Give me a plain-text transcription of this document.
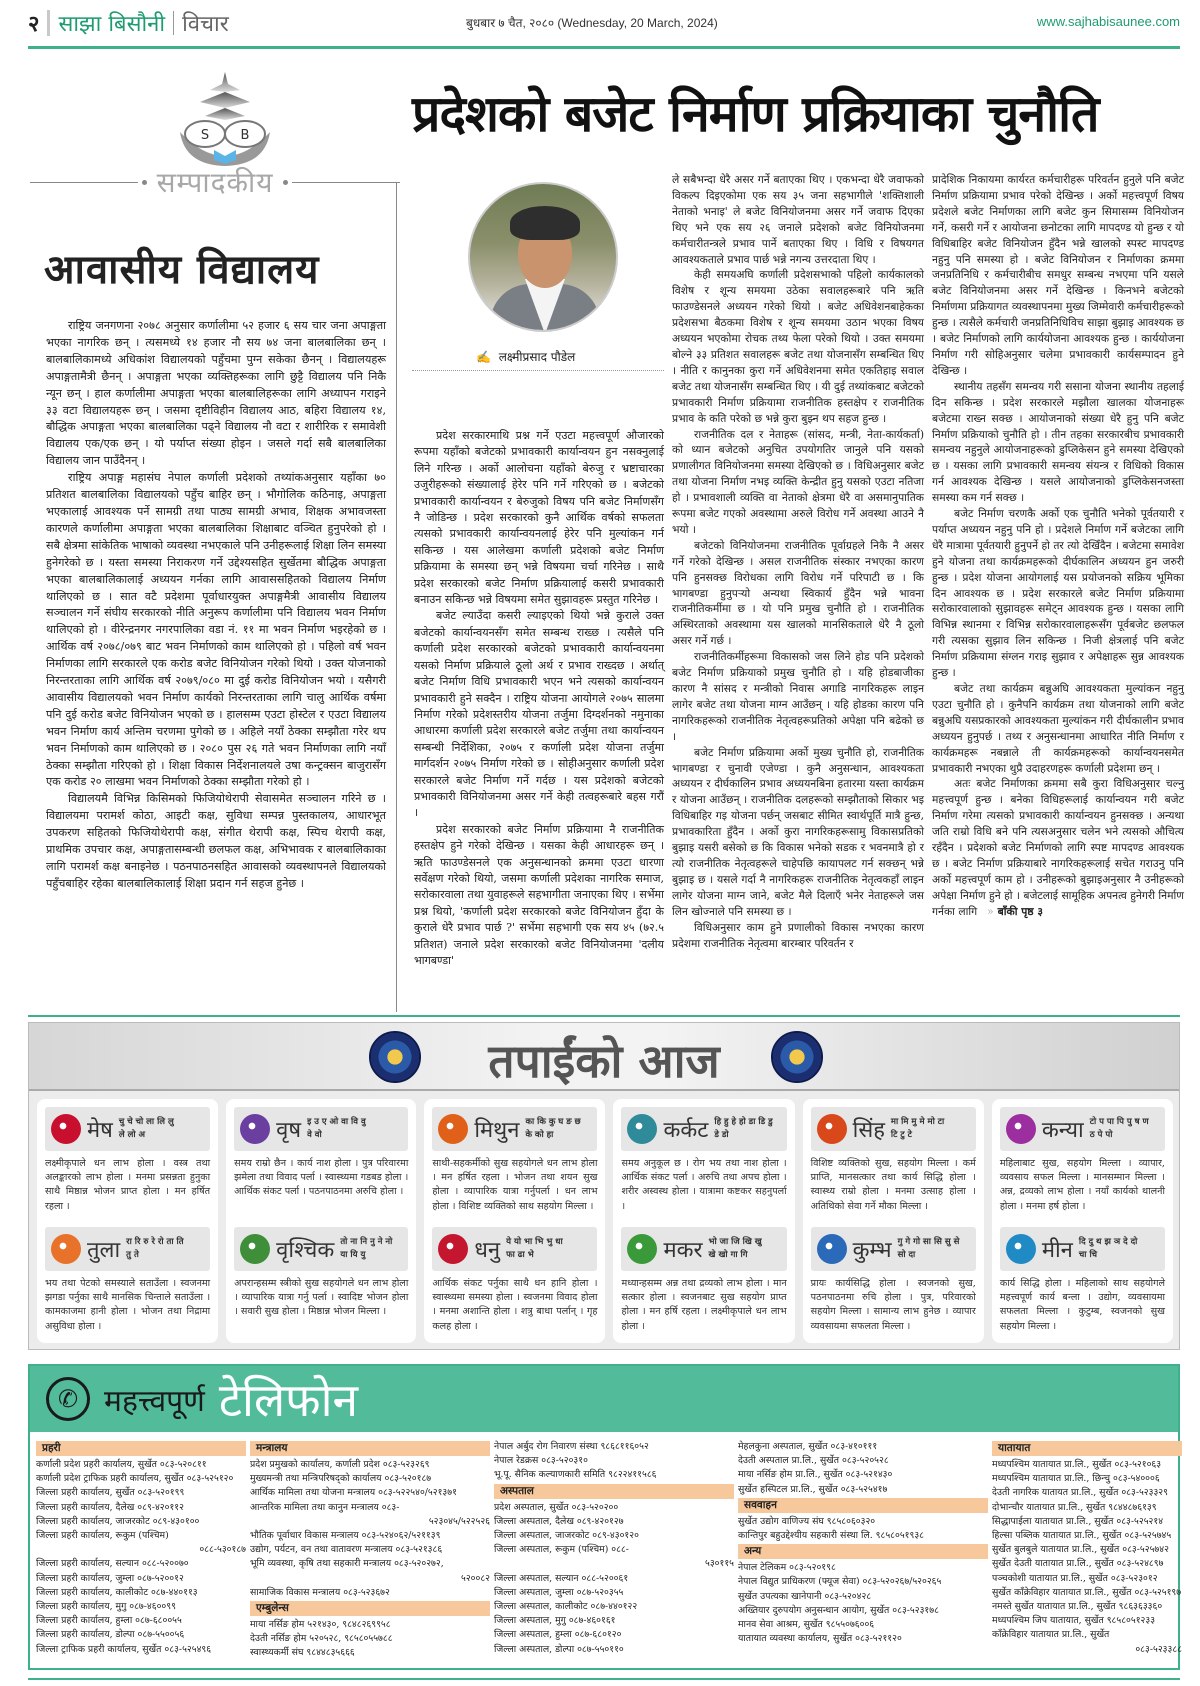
२ साझा बिसौनी विचार	बुधबार ७ चैत, २०८० (Wednesday, 20 March, 2024)	www.sajhabisaunee.com
S B
सम्पादकीय
आवासीय विद्यालय

राष्ट्रिय जनगणना २०७८ अनुसार कर्णालीमा ५२ हजार ६ सय चार जना अपाङ्गता भएका नागरिक छन् । त्यसमध्ये १४ हजार नौ सय ७४ जना बालबालिका छन् । बालबालिकामध्ये अधिकांश विद्यालयको पहुँचमा पुग्न सकेका छैनन् । विद्यालयहरू अपाङ्गतामैत्री छैनन् । अपाङ्गता भएका व्यक्तिहरूका लागि छुट्टै विद्यालय पनि निकै न्यून छन् । हाल कर्णालीमा अपाङ्गता भएका बालबालिहरूका लागि अध्यापन गराइने ३३ वटा विद्यालयहरू छन् । जसमा दृष्टीविहीन विद्यालय आठ, बहिरा विद्यालय १४, बौद्धिक अपाङ्गता भएका बालबालिका पढ्ने विद्यालय नौ वटा र शारीरिक र समावेशी विद्यालय एक/एक छन् । यो पर्याप्त संख्या होइन । जसले गर्दा सबै बालबालिका विद्यालय जान पाउँदैनन् ।

राष्ट्रिय अपाङ्ग महासंघ नेपाल कर्णाली प्रदेशको तथ्यांकअनुसार यहाँका ७० प्रतिशत बालबालिका विद्यालयको पहुँच बाहिर छन् । भौगोलिक कठिनाइ, अपाङ्गता भएकालाई आवश्यक पर्ने सामग्री तथा पाठ्य सामग्री अभाव, शिक्षक अभावजस्ता कारणले कर्णालीमा अपाङ्गता भएका बालबालिका शिक्षाबाट वञ्चित हुनुपरेको हो । सबै क्षेत्रमा सांकेतिक भाषाको व्यवस्था नभएकाले पनि उनीहरूलाई शिक्षा लिन समस्या हुनेगरेको छ । यस्ता समस्या निराकरण गर्ने उद्देश्यसहित सुर्खेतमा बौद्धिक अपाङ्गता भएका बालबालिकालाई अध्ययन गर्नका लागि आवाससहितको विद्यालय निर्माण थालिएको छ । सात वटै प्रदेशमा पूर्वाधारयुक्त अपाङ्गमैत्री आवासीय विद्यालय सञ्चालन गर्ने संघीय सरकारको नीति अनुरूप कर्णालीमा पनि विद्यालय भवन निर्माण थालिएको हो । वीरेन्द्रनगर नगरपालिका वडा नं. ११ मा भवन निर्माण भइरहेको छ । आर्थिक वर्ष २०७८/०७९ बाट भवन निर्माणको काम थालिएको हो । पहिलो वर्ष भवन निर्माणका लागि सरकारले एक करोड बजेट विनियोजन गरेको थियो । उक्त योजनाको निरन्तरताका लागि आर्थिक वर्ष २०७९/०८० मा दुई करोड विनियोजन भयो । यसैगरी आवासीय विद्यालयको भवन निर्माण कार्यको निरन्तरताका लागि चालु आर्थिक वर्षमा पनि दुई करोड बजेट विनियोजन भएको छ । हालसम्म एउटा होस्टेल र एउटा विद्यालय भवन निर्माण कार्य अन्तिम चरणमा पुगेको छ । अहिले नयाँ ठेक्का सम्झौता गरेर थप भवन निर्माणको काम थालिएको छ । २०८० पुस २६ गते भवन निर्माणका लागि नयाँ ठेक्का सम्झौता गरिएको हो । शिक्षा विकास निर्देशनालयले उषा कन्ट्रक्सन बाजुरासँग एक करोड २० लाखमा भवन निर्माणको ठेक्का सम्झौता गरेको हो ।

विद्यालयमै विभिन्न किसिमको फिजियोथेरापी सेवासमेत सञ्चालन गरिने छ । विद्यालयमा परामर्श कोठा, आइटी कक्ष, सुविधा सम्पन्न पुस्तकालय, आधारभूत उपकरण सहितको फिजियोथेरापी कक्ष, संगीत थेरापी कक्ष, स्पिच थेरापी कक्ष, प्राथमिक उपचार कक्ष, अपाङ्गतासम्बन्धी छलफल कक्ष, अभिभावक र बालबालिकाका लागि परामर्श कक्ष बनाइनेछ । पठनपाठनसहित आवासको व्यवस्थापनले विद्यालयको पहुँचबाहिर रहेका बालबालिकालाई शिक्षा प्रदान गर्न सहज हुनेछ ।

प्रदेशको बजेट निर्माण प्रक्रियाका चुनौति
✍ लक्ष्मीप्रसाद पौडेल

प्रदेश सरकारमाथि प्रश्न गर्ने एउटा महत्त्वपूर्ण औजारको रूपमा यहाँको बजेटको प्रभावकारी कार्यान्वयन हुन नसक्नुलाई लिने गरिन्छ । अर्को आलोचना यहाँको बेरुजु र भ्रष्टाचारका उजुरीहरूको संख्यालाई हेरेर पनि गर्ने गरिएको छ । बजेटको प्रभावकारी कार्यान्वयन र बेरुजुको विषय पनि बजेट निर्माणसँग नै जोडिन्छ । प्रदेश सरकारको कुनै आर्थिक वर्षको सफलता त्यसको प्रभावकारी कार्यान्वयनलाई हेरेर पनि मुल्यांकन गर्न सकिन्छ । यस आलेखमा कर्णाली प्रदेशको बजेट निर्माण प्रक्रियामा के समस्या छन् भन्ने विषयमा चर्चा गरिनेछ । साथै प्रदेश सरकारको बजेट निर्माण प्रक्रियालाई कसरी प्रभावकारी बनाउन सकिन्छ भन्ने विषयमा समेत सुझावहरू प्रस्तुत गरिनेछ ।

बजेट ल्याउँदा कसरी ल्याइएको थियो भन्ने कुराले उक्त बजेटको कार्यान्वयनसँग समेत सम्बन्ध राख्छ । त्यसैले पनि कर्णाली प्रदेश सरकारको बजेटको प्रभावकारी कार्यान्वयनमा यसको निर्माण प्रक्रियाले ठूलो अर्थ र प्रभाव राख्दछ । अर्थात् बजेट निर्माण विधि प्रभावकारी भएन भने त्यसको कार्यान्वयन प्रभावकारी हुने सक्दैन । राष्ट्रिय योजना आयोगले २०७५ सालमा निर्माण गरेको प्रदेशस्तरीय योजना तर्जुमा दिग्दर्शनको नमुनाका आधारमा कर्णाली प्रदेश सरकारले बजेट तर्जुमा तथा कार्यान्वयन सम्बन्धी निर्देशिका, २०७५ र कर्णाली प्रदेश योजना तर्जुमा मार्गदर्शन २०७५ निर्माण गरेको छ । सोहीअनुसार कर्णाली प्रदेश सरकारले बजेट निर्माण गर्ने गर्दछ । यस प्रदेशको बजेटको प्रभावकारी विनियोजनमा असर गर्ने केही तत्वहरूबारे बहस गरौं ।

प्रदेश सरकारको बजेट निर्माण प्रक्रियामा नै राजनीतिक हस्तक्षेप हुने गरेको देखिन्छ । यसका केही आधारहरू छन् । ऋति फाउण्डेसनले एक अनुसन्धानको क्रममा एउटा धारणा सर्वेक्षण गरेको थियो, जसमा कर्णाली प्रदेशका नागरिक समाज, सरोकारवाला तथा युवाहरूले सहभागीता जनाएका थिए । सर्भेमा प्रश्न थियो, 'कर्णाली प्रदेश सरकारको बजेट विनियोजन हुँदा के कुराले धेरै प्रभाव पार्छ ?' सर्भेमा सहभागी एक सय ४५ (७२.५ प्रतिशत) जनाले प्रदेश सरकारको बजेट विनियोजनमा 'दलीय भागबण्डा'

ले सबैभन्दा धेरै असर गर्ने बताएका थिए । एकभन्दा धेरै जवाफको विकल्प दिइएकोमा एक सय ३५ जना सहभागीले 'शक्तिशाली नेताको भनाइ' ले बजेट विनियोजनमा असर गर्ने जवाफ दिएका थिए भने एक सय २६ जनाले प्रदेशको बजेट विनियोजनमा कर्मचारीतन्त्रले प्रभाव पार्ने बताएका थिए । विधि र विषयगत आवश्यकताले प्रभाव पार्छ भन्ने नगन्य उत्तरदाता थिए ।

केही समयअघि कर्णाली प्रदेशसभाको पहिलो कार्यकालको विशेष र शून्य समयमा उठेका सवालहरूबारे पनि ऋति फाउण्डेसनले अध्ययन गरेको थियो । बजेट अधिवेशनबाहेकका प्रदेशसभा बैठकमा विशेष र शून्य समयमा उठान भएका विषय अध्ययन भएकोमा रोचक तथ्य फेला परेको थियो । उक्त समयमा बोल्ने ३३ प्रतिशत सवालहरू बजेट तथा योजनासँग सम्बन्धित थिए । नीति र कानुनका कुरा गर्ने अधिवेशनमा समेत एकतिहाइ सवाल बजेट तथा योजनासँग सम्बन्धित थिए । यी दुई तथ्यांकबाट बजेटको प्रभावकारी निर्माण प्रक्रियामा राजनीतिक हस्तक्षेप र राजनीतिक प्रभाव के कति परेको छ भन्ने कुरा बुझ्न थप सहज हुन्छ ।

राजनीतिक दल र नेताहरू (सांसद, मन्त्री, नेता-कार्यकर्ता) को ध्यान बजेटको अनुचित उपयोगतिर जानुले पनि यसको प्रणालीगत विनियोजनमा समस्या देखिएको छ । विधिअनुसार बजेट तथा योजना निर्माण नभइ व्यक्ति केन्द्रीत हुनु यसको एउटा नतिजा हो । प्रभावशाली व्यक्ति वा नेताको क्षेत्रमा धेरै वा असमानुपातिक रूपमा बजेट गएको अवस्थामा अरुले विरोध गर्ने अवस्था आउने नै भयो ।

बजेटको विनियोजनमा राजनीतिक पूर्वाग्रहले निकै नै असर गर्ने गरेको देखिन्छ । असल राजनीतिक संस्कार नभएका कारण पनि हुनसक्छ विरोधका लागि विरोध गर्ने परिपाटी छ । कि भागबण्डा हुनुपर्‍यो अन्यथा स्विकार्य हुँदैन भन्ने भावना राजनीतिकर्मीमा छ । यो पनि प्रमुख चुनौति हो । राजनीतिक अस्थिरताको अवस्थामा यस खालको मानसिकताले धेरै नै ठूलो असर गर्ने गर्छ ।

राजनीतिकर्मीहरूमा विकासको जस लिने होड पनि प्रदेशको बजेट निर्माण प्रक्रियाको प्रमुख चुनौति हो । यहि होडबाजीका कारण नै सांसद र मन्त्रीको निवास अगाडि नागरिकहरू लाइन लागेर बजेट तथा योजना माग्न आउँछन् । यहि होडका कारण पनि नागरिकहरूको राजनीतिक नेतृत्वहरूप्रतिको अपेक्षा पनि बढेको छ ।

बजेट निर्माण प्रक्रियामा अर्को मुख्य चुनौति हो, राजनीतिक भागबण्डा र चुनावी एजेण्डा । कुनै अनुसन्धान, आवश्यकता अध्ययन र दीर्घकालिन प्रभाव अध्ययनबिना हतारमा यस्ता कार्यक्रम र योजना आउँछन् । राजनीतिक दलहरूको सम्झौताको सिकार भइ विधिबाहिर गइ योजना पर्छन् जसबाट सीमित स्वार्थपूर्ति मात्रै हुन्छ, प्रभावकारिता हुँदैन । अर्को कुरा नागरिकहरूसामु विकासप्रतिको बुझाइ यसरी बसेको छ कि विकास भनेको सडक र भवनमात्रै हो र त्यो राजनीतिक नेतृत्वहरूले चाहेपछि कायापलट गर्न सक्छन् भन्ने बुझाइ छ । यसले गर्दा नै नागरिकहरू राजनीतिक नेतृत्वकहाँ लाइन लागेर योजना माग्न जाने, बजेट मैले दिलाएँ भनेर नेताहरूले जस लिन खोज्नाले पनि समस्या छ ।

विधिअनुसार काम हुने प्रणालीको विकास नभएका कारण प्रदेशमा राजनीतिक नेतृत्वमा बारम्बार परिवर्तन र

प्रादेशिक निकायमा कार्यरत कर्मचारीहरू परिवर्तन हुनुले पनि बजेट निर्माण प्रक्रियामा प्रभाव परेको देखिन्छ । अर्को महत्त्वपूर्ण विषय प्रदेशले बजेट निर्माणका लागि बजेट कुन सिमासम्म विनियोजन गर्ने, कसरी गर्ने र आयोजना छनोटका लागि मापदण्ड यो हुन्छ र यो विधिबाहिर बजेट विनियोजन हुँदैन भन्ने खालको स्पस्ट मापदण्ड नहुनु पनि समस्या हो । बजेट विनियोजन र निर्माणका क्रममा जनप्रतिनिधि र कर्मचारीबीच समधुर सम्बन्ध नभएमा पनि यसले बजेट विनियोजनमा असर गर्ने देखिन्छ । किनभने बजेटको निर्माणमा प्रक्रियागत व्यवस्थापनमा मुख्य जिम्मेवारी कर्मचारीहरूको हुन्छ । त्यसैले कर्मचारी जनप्रतिनिधिविच साझा बुझाइ आवश्यक छ । बजेट निर्माणको लागि कार्ययोजना आवश्यक हुन्छ । कार्ययोजना निर्माण गरी सोहिअनुसार चलेमा प्रभावकारी कार्यसम्पादन हुने देखिन्छ ।

स्थानीय तहसँग समन्वय गरी ससाना योजना स्थानीय तहलाई दिन सकिन्छ । प्रदेश सरकारले मझौला खालका योजनाहरू बजेटमा राख्न सक्छ । आयोजनाको संख्या धेरै हुनु पनि बजेट निर्माण प्रक्रियाको चुनौति हो । तीन तहका सरकारबीच प्रभावकारी समन्वय नहुनुले आयोजनाहरूको डुप्लिकेसन हुने समस्या देखिएको छ । यसका लागि प्रभावकारी समन्वय संयन्त्र र विधिको विकास गर्न आवश्यक देखिन्छ । यसले आयोजनाको डुप्लिकेसनजस्ता समस्या कम गर्न सक्छ ।

बजेट निर्माण चरणकै अर्को एक चुनौति भनेको पूर्वतयारी र पर्याप्त अध्ययन नहुनु पनि हो । प्रदेशले निर्माण गर्ने बजेटका लागि धेरै मात्रामा पूर्वतयारी हुनुपर्ने हो तर त्यो देखिँदैन । बजेटमा समावेश हुने योजना तथा कार्यक्रमहरूको दीर्घकालिन अध्ययन हुन जरुरी हुन्छ । प्रदेश योजना आयोगलाई यस प्रयोजनको सक्रिय भूमिका दिन आवश्यक छ । प्रदेश सरकारले बजेट निर्माण प्रक्रियामा सरोकारवालाको सुझावहरू समेट्न आवश्यक हुन्छ । यसका लागि विभिन्न स्थानमा र विभिन्न सरोकारवालाहरूसँग पूर्वबजेट छलफल गरी त्यसका सुझाव लिन सकिन्छ । निजी क्षेत्रलाई पनि बजेट निर्माण प्रक्रियामा संग्लन गराइ सुझाव र अपेक्षाहरू सुन्न आवश्यक हुन्छ ।

बजेट तथा कार्यक्रम बन्नुअघि आवश्यकता मुल्यांकन नहुनु एउटा चुनौति हो । कुनैपनि कार्यक्रम तथा योजनाको लागि बजेट बन्नुअघि यसप्रकारको आवश्यकता मुल्यांकन गरी दीर्घकालीन प्रभाव अध्ययन हुनुपर्छ । तथ्य र अनुसन्धानमा आधारित नीति निर्माण र कार्यक्रमहरू नबन्नाले ती कार्यक्रमहरूको कार्यान्वयनसमेत प्रभावकारी नभएका थुप्रै उदाहरणहरू कर्णाली प्रदेशमा छन् ।

अतः बजेट निर्माणका क्रममा सबै कुरा विधिअनुसार चल्नु महत्त्वपूर्ण हुन्छ । बनेका विधिहरूलाई कार्यान्वयन गरी बजेट निर्माण गरेमा त्यसको प्रभावकारी कार्यान्वयन हुनसक्छ । अन्यथा जति राम्रो विधि बने पनि त्यसअनुसार चलेन भने त्यसको औचित्य रहँदैन । प्रदेशको बजेट निर्माणको लागि स्पष्ट मापदण्ड आवश्यक छ । बजेट निर्माण प्रक्रियाबारे नागरिकहरूलाई सचेत गराउनु पनि अर्को महत्त्वपूर्ण काम हो । उनीहरूको बुझाइअनुसार नै उनीहरूको अपेक्षा निर्माण हुने हो । बजेटलाई सामूहिक अपनत्व हुनेगरी निर्माण गर्नका लागि » बाँकी पृष्ठ ३

तपाईंको आज
मेष चु चे चो ला लि लु ले लो अ
लक्ष्मीकृपाले धन लाभ होला । वस्त्र तथा अलङ्कारको लाभ होला । मनमा प्रसन्नता हुनुका साथै मिष्ठान्न भोजन प्राप्त होला । मन हर्षित रहला ।
तुला रा रि रु रे रो ता ति तु ते
भय तथा पेटको समस्याले सताउँला । स्वजनमा झगडा पर्नुका साथै मानसिक चिन्ताले सताउँला । कामकाजमा हानी होला । भोजन तथा निद्रामा असुविधा होला ।
वृष इ उ ए ओ वा वि वु वे वो
समय राम्रो छैन । कार्य नाश होला । पुत्र परिवारमा झमेला तथा विवाद पर्ला । स्वास्थ्यमा गडबड होला । आर्थिक संकट पर्ला । पठनपाठनमा अरुचि होला ।
वृश्चिक तो ना नि नु ने नो या यि यु
अपरान्हसम्म स्त्रीको सुख सहयोगले धन लाभ होला । व्यापारिक यात्रा गर्नु पर्ला । स्वादिष्ट भोजन होला । सवारी सुख होला । मिष्ठान्न भोजन मिल्ला ।
मिथुन का कि कु घ ङ छ के को हा
साथी-सहकर्मीको सुख सहयोगले धन लाभ होला । मन हर्षित रहला । भोजन तथा शयन सुख होला । व्यापारिक यात्रा गर्नुपर्ला । धन लाभ होला । विशिष्ट व्यक्तिको साथ सहयोग मिल्ला ।
धनु ये यो भा भि भु धा फा ढा भे
आर्थिक संकट पर्नुका साथै धन हानि होला । स्वास्थ्यमा समस्या होला । स्वजनमा विवाद होला । मनमा अशान्ति होला । शत्रु बाधा पर्लान् । गृह कलह होला ।
कर्कट हि हु हे हो डा डि डु डे डो
समय अनुकूल छ । रोग भय तथा नाश होला । आर्थिक संकट पर्ला । अरुचि तथा अपच होला । शरीर अस्वस्थ होला । यात्रामा कष्टकर सहनुपर्ला ।
मकर भो जा जि खि खु खे खो गा गि
मध्यान्हसम्म अन्न तथा द्रव्यको लाभ होला । मान सत्कार होला । स्वजनबाट सुख सहयोग प्राप्त होला । मन हर्षि रहला । लक्ष्मीकृपाले धन लाभ होला ।
सिंह मा मि मु मे मो टा टि टु टे
विशिष्ट व्यक्तिको सुख, सहयोग मिल्ला । कर्म प्राप्ति, मानसत्कार तथा कार्य सिद्धि होला । स्वास्थ्य राम्रो होला । मनमा उत्साह होला । अतिथिको सेवा गर्ने मौका मिल्ला ।
कुम्भ गु गे गो सा सि सु से सो दा
प्रायः कार्यसिद्धि होला । स्वजनको सुख, पठनपाठनमा रुचि होला । पुत्र, परिवारको सहयोग मिल्ला । सामान्य लाभ हुनेछ । व्यापार व्यवसायमा सफलता मिल्ला ।
कन्या टो प पा पि पु ष ण ठ पे पो
महिलाबाट सुख, सहयोग मिल्ला । व्यापार, व्यवसाय सफल मिल्ला । मानसम्मान मिल्ला । अन्न, द्रव्यको लाभ होला । नयाँ कार्यको थालनी होला । मनमा हर्ष होला ।
मीन दि दु थ झ ञ दे दो चा चि
कार्य सिद्धि होला । महिलाको साथ सहयोगले महत्त्वपूर्ण कार्य बन्ला । उद्योग, व्यवसायमा सफलता मिल्ला । कुटुम्ब, स्वजनको सुख सहयोग मिल्ला ।
✆ महत्त्वपूर्ण टेलिफोन
प्रहरी
कर्णाली प्रदेश प्रहरी कार्यालय, सुर्खेत ०८३-५२०८११
कर्णाली प्रदेश ट्राफिक प्रहरी कार्यालय, सुर्खेत ०८३-५२५१२०
जिल्ला प्रहरी कार्यालय, सुर्खेत ०८३-५२०१९९
जिल्ला प्रहरी कार्यालय, दैलेख ०८९-४२०११२
जिल्ला प्रहरी कार्यालय, जाजरकोट ०८९-४३०१००
जिल्ला प्रहरी कार्यालय, रूकुम (पश्चिम)
०८८-५३०१८७
जिल्ला प्रहरी कार्यालय, सल्यान ०८८-५२००७०
जिल्ला प्रहरी कार्यालय, जुम्ला ०८७-५२००१२
जिल्ला प्रहरी कार्यालय, कालीकोट ०८७-४४०११३
जिल्ला प्रहरी कार्यालय, मुगु ०८७-४६००९९
जिल्ला प्रहरी कार्यालय, हुम्ला ०८७-६८००५५
जिल्ला प्रहरी कार्यालय, डोल्पा ०८७-५५००५६
जिल्ला ट्राफिक प्रहरी कार्यालय, सुर्खेत ०८३-५२५४९६
मन्त्रालय
प्रदेश प्रमुखको कार्यालय, कर्णाली प्रदेश ०८३-५२३२६९
मुख्यमन्त्री तथा मन्त्रिपरिषद्को कार्यालय ०८३-५२०१८७
आर्थिक मामिला तथा योजना मन्त्रालय ०८३-५२२५४०/५२१३७१
आन्तरिक मामिला तथा कानुन मन्त्रालय ०८३-
५२३०४५/५२२५२६
भौतिक पूर्वाधार विकास मन्त्रालय ०८३-५२४०६२/५२११३९
उद्योग, पर्यटन, वन तथा वातावरण मन्त्रालय ०८३-५२१३८६
भूमि व्यवस्था, कृषि तथा सहकारी मन्त्रालय ०८३-५२०२७२,
५२००८२
सामाजिक विकास मन्त्रालय ०८३-५२३६७२
एम्बुलेन्स
माया नर्सिङ होम ५२१४३०, ९८४८२६९९५८
देउती नर्सिङ होम ५२०५२८, ९८५८०५५७८८
स्वास्थ्यकर्मी संघ ९८४४८३५६६६
नेपाल अर्बुद रोग निवारण संस्था ९८६८११६०५२
नेपाल रेडक्रस ०८३-५२०३१०
भू.पू. सैनिक कल्याणकारी समिति ९८२२४११५८६
अस्पताल
प्रदेश अस्पताल, सुर्खेत ०८३-५२०२००
जिल्ला अस्पताल, दैलेख ०८९-४२०१२७
जिल्ला अस्पताल, जाजरकोट ०८९-४३०१२०
जिल्ला अस्पताल, रूकुम (पश्चिम) ०८८-
५३०११५
जिल्ला अस्पताल, सल्यान ०८८-५२००६१
जिल्ला अस्पताल, जुम्ला ०८७-५२०३५५
जिल्ला अस्पताल, कालीकोट ०८७-४४०१२२
जिल्ला अस्पताल, मुगु ०८७-४६०१६१
जिल्ला अस्पताल, हुम्ला ०८७-६८०१२०
जिल्ला अस्पताल, डोल्पा ०८७-५५०११०
मेहलकुना अस्पताल, सुर्खेत ०८३-४१०१११
देउती अस्पताल प्रा.लि., सुर्खेत ०८३-५२०५२८
माया नर्सिङ होम प्रा.लि., सुर्खेत ०८३-५२१४३०
सुर्खेत हस्पिटल प्रा.लि., सुर्खेत ०८३-५२५४१७
सववाहन
सुर्खेत उद्योग वाणिज्य संघ ९८५८०६०३२०
कान्तिपुर बहुउद्देश्यीय सहकारी संस्था लि. ९८५८०५१९३८
अन्य
नेपाल टेलिकम ०८३-५२०१९८
नेपाल विद्युत प्राधिकरण (फ्यूज सेवा) ०८३-५२०२६७/५२०२६५
सुर्खेत उपत्यका खानेपानी ०८३-५२०४२८
अख्तियार दुरुपयोग अनुसन्धान आयोग, सुर्खेत ०८३-५२३१७८
मानव सेवा आश्रम, सुर्खेत ९८५५०७६००६
यातायात व्यवस्था कार्यालय, सुर्खेत ०८३-५२११२०
यातायात
मध्यपश्चिम यातायात प्रा.लि., सुर्खेत ०८३-५२१०६३
मध्यपश्चिम यातायात प्रा.लि., छिन्चु ०८३-५४०००६
देउती नागरिक यातायत प्रा.लि., सुर्खेत ०८३-५२३३२९
दोभान्चौर यातायात प्रा.लि., सुर्खेत ९८४४८७६१३९
सिद्धापाईला यातायात प्रा.लि., सुर्खेत ०८३-५२५२१४
हिल्सा पब्लिक यातायात प्रा.लि., सुर्खेत ०८३-५२५७४५
सुर्खेत बुलबुले यातायात प्रा.लि., सुर्खेत ०८३-५२५७४२
सुर्खेत देउती यातायात प्रा.लि., सुर्खेत ०८३-५२४८९७
पञ्चकोशी यातायात प्रा.लि., सुर्खेत ०८३-५२३०१२
सुर्खेत काँक्रेविहार यातायात प्रा.लि., सुर्खेत ०८३-५२५१९७
नमस्ते सुर्खेत यातायात प्रा.लि., सुर्खेत ९८६३६३३६०
मध्यपश्चिम जिप यातायात, सुर्खेत ९८५८०५१२३३
काँक्रेविहार यातायात प्रा.लि., सुर्खेत
०८३-५२३३८८
